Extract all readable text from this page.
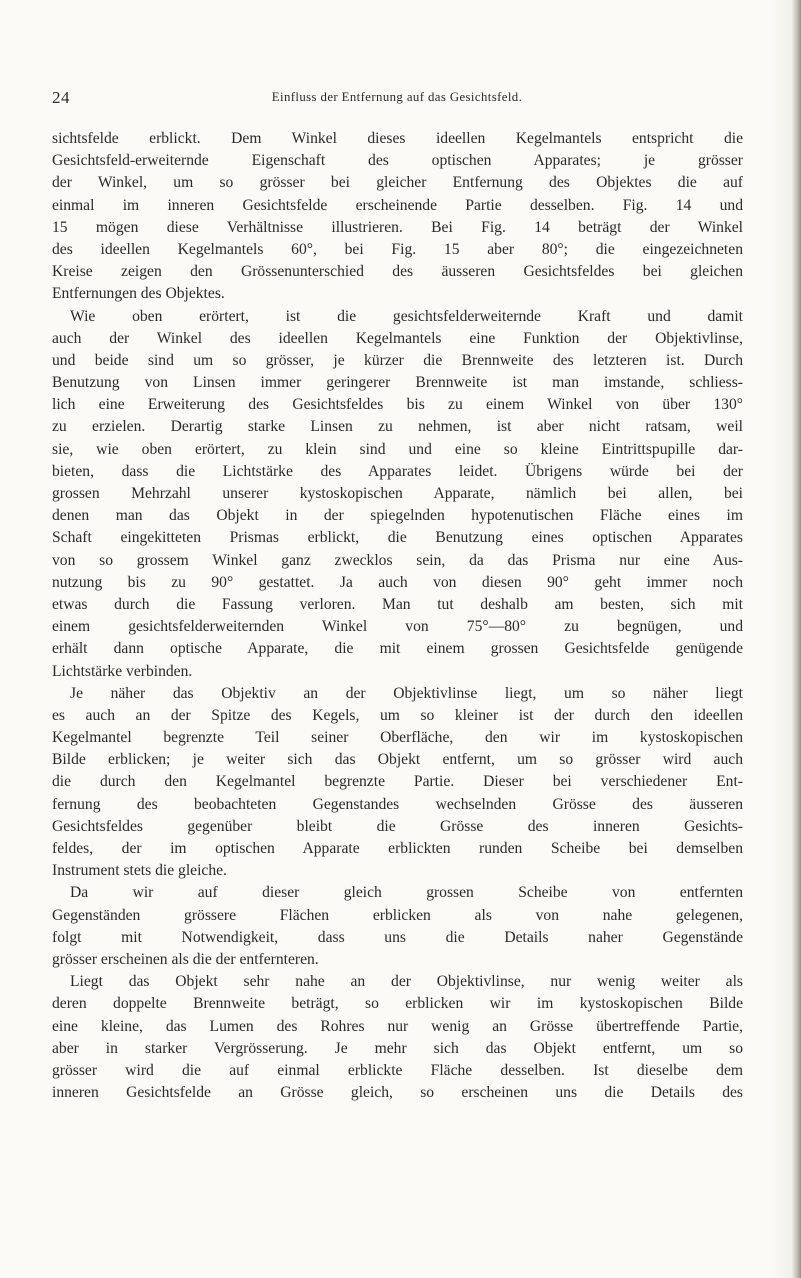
24	Einfluss der Entfernung auf das Gesichtsfeld.
sichtsfelde erblickt. Dem Winkel dieses ideellen Kegelmantels entspricht die
Gesichtsfeld-erweiternde Eigenschaft des optischen Apparates; je grösser
der Winkel, um so grösser bei gleicher Entfernung des Objektes die auf
einmal im inneren Gesichtsfelde erscheinende Partie desselben. Fig. 14 und
15 mögen diese Verhältnisse illustrieren. Bei Fig. 14 beträgt der Winkel
des ideellen Kegelmantels 60°, bei Fig. 15 aber 80°; die eingezeichneten
Kreise zeigen den Grössenunterschied des äusseren Gesichtsfeldes bei gleichen
Entfernungen des Objektes.
Wie oben erörtert, ist die gesichtsfelderweiternde Kraft und damit
auch der Winkel des ideellen Kegelmantels eine Funktion der Objektivlinse,
und beide sind um so grösser, je kürzer die Brennweite des letzteren ist. Durch
Benutzung von Linsen immer geringerer Brennweite ist man imstande, schliess-
lich eine Erweiterung des Gesichtsfeldes bis zu einem Winkel von über 130°
zu erzielen. Derartig starke Linsen zu nehmen, ist aber nicht ratsam, weil
sie, wie oben erörtert, zu klein sind und eine so kleine Eintrittspupille dar-
bieten, dass die Lichtstärke des Apparates leidet. Übrigens würde bei der
grossen Mehrzahl unserer kystoskopischen Apparate, nämlich bei allen, bei
denen man das Objekt in der spiegelnden hypotenutischen Fläche eines im
Schaft eingekitteten Prismas erblickt, die Benutzung eines optischen Apparates
von so grossem Winkel ganz zwecklos sein, da das Prisma nur eine Aus-
nutzung bis zu 90° gestattet. Ja auch von diesen 90° geht immer noch
etwas durch die Fassung verloren. Man tut deshalb am besten, sich mit
einem gesichtsfelderweiternden Winkel von 75°—80° zu begnügen, und
erhält dann optische Apparate, die mit einem grossen Gesichtsfelde genügende
Lichtstärke verbinden.
Je näher das Objektiv an der Objektivlinse liegt, um so näher liegt
es auch an der Spitze des Kegels, um so kleiner ist der durch den ideellen
Kegelmantel begrenzte Teil seiner Oberfläche, den wir im kystoskopischen
Bilde erblicken; je weiter sich das Objekt entfernt, um so grösser wird auch
die durch den Kegelmantel begrenzte Partie. Dieser bei verschiedener Ent-
fernung des beobachteten Gegenstandes wechselnden Grösse des äusseren
Gesichtsfeldes gegenüber bleibt die Grösse des inneren Gesichts-
feldes, der im optischen Apparate erblickten runden Scheibe bei demselben
Instrument stets die gleiche.
Da wir auf dieser gleich grossen Scheibe von entfernten
Gegenständen grössere Flächen erblicken als von nahe gelegenen,
folgt mit Notwendigkeit, dass uns die Details naher Gegenstände
grösser erscheinen als die der entfernteren.
Liegt das Objekt sehr nahe an der Objektivlinse, nur wenig weiter als
deren doppelte Brennweite beträgt, so erblicken wir im kystoskopischen Bilde
eine kleine, das Lumen des Rohres nur wenig an Grösse übertreffende Partie,
aber in starker Vergrösserung. Je mehr sich das Objekt entfernt, um so
grösser wird die auf einmal erblickte Fläche desselben. Ist dieselbe dem
inneren Gesichtsfelde an Grösse gleich, so erscheinen uns die Details des
